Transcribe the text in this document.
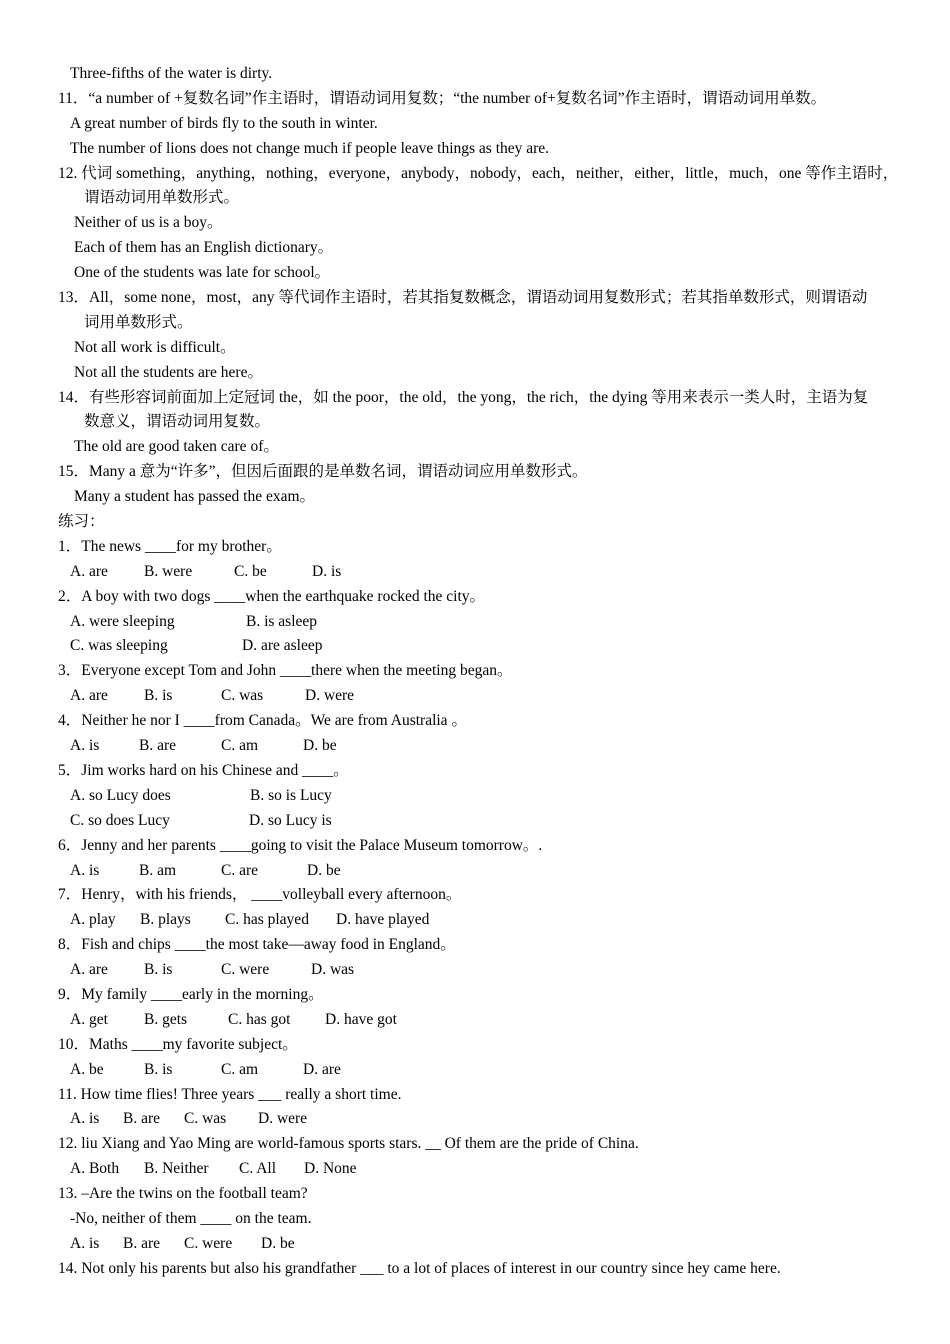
Three-fifths of the water is dirty.
11．“a number of +复数名词”作主语时，谓语动词用复数；“the number of+复数名词”作主语时，谓语动词用单数。
A great number of birds fly to the south in winter.
The number of lions does not change much if people leave things as they are.
12. 代词 something，anything，nothing，everyone，anybody，nobody，each，neither，either，little，much，one 等作主语时，
谓语动词用单数形式。
Neither of us is a boy。
Each of them has an English dictionary。
One of the students was late for school。
13．All，some none，most，any 等代词作主语时，若其指复数概念，谓语动词用复数形式；若其指单数形式，则谓语动
词用单数形式。
Not all work is difficult。
Not all the students are here。
14．有些形容词前面加上定冠词 the，如 the poor，the old，the yong，the rich，the dying 等用来表示一类人时，主语为复
数意义，谓语动词用复数。
The old are good taken care of。
15．Many a 意为“许多”，但因后面跟的是单数名词，谓语动词应用单数形式。
Many a student has passed the exam。
练习：
1．The news ____for my brother。
A. are B. were	C. be	D. is
2．A boy with two dogs ____when the earthquake rocked the city。
A. were sleeping	B. is asleep
C. was sleeping	D. are asleep
3．Everyone except Tom and John ____there when the meeting began。
A. are B. is	C. was	D. were
4．Neither he nor I ____from Canada。We are from Australia 。
A. is	B. are	C. am	D. be
5．Jim works hard on his Chinese and ____。
A. so Lucy does	B. so is Lucy
C. so does Lucy	D. so Lucy is
6．Jenny and her parents ____going to visit the Palace Museum tomorrow。.
A. is	B. am	C. are	D. be
7．Henry，with his friends， ____volleyball every afternoon。
A. play B. plays C. has played D. have played
8．Fish and chips ____the most take—away food in England。
A. are B. is	C. were	D. was
9．My family ____early in the morning。
A. get B. gets	C. has got D. have got
10．Maths ____my favorite subject。
A. be	B. is	C. am	D. are
11. How time flies! Three years ___ really a short time.
A. is B. are C. was D. were
12. liu Xiang and Yao Ming are world-famous sports stars. __ Of them are the pride of China.
A. Both B. Neither C. All D. None
13. –Are the twins on the football team?
-No, neither of them ____ on the team.
A. is B. are C. were D. be
14. Not only his parents but also his grandfather ___ to a lot of places of interest in our country since hey came here.
